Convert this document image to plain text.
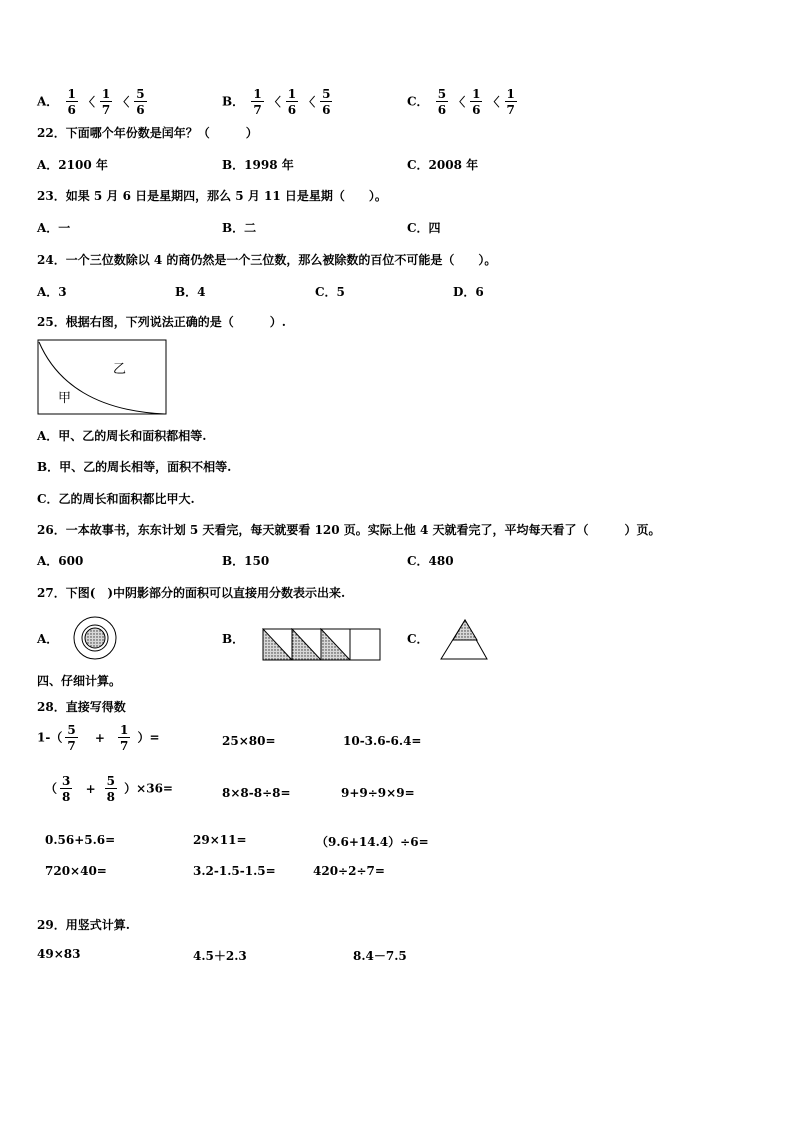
A． $\frac{1}{6}$ 〈 $\frac{1}{7}$ 〈 $\frac{5}{6}$	B． $\frac{1}{7}$ 〈 $\frac{1}{6}$ 〈 $\frac{5}{6}$	C． $\frac{5}{6}$ 〈 $\frac{1}{6}$ 〈 $\frac{1}{7}$
22．下面哪个年份数是闰年？（　　　）
A．2100 年	B．1998 年	C．2008 年
23．如果 5 月 6 日是星期四，那么 5 月 11 日是星期（　　）。
A．一	B．二	C．四
24．一个三位数除以 4 的商仍然是一个三位数，那么被除数的百位不可能是（　　）。
A．3	B．4	C．5	D．6
25．根据右图，下列说法正确的是（　　　）.
乙
甲
A．甲、乙的周长和面积都相等.
B．甲、乙的周长相等，面积不相等.
C．乙的周长和面积都比甲大.
26．一本故事书，东东计划 5 天看完，每天就要看 120 页。实际上他 4 天就看完了，平均每天看了（　　　）页。
A．600	B．150	C．480
27．下图(　)中阴影部分的面积可以直接用分数表示出来.
A．	B．	C．
四、仔细计算。
28．直接写得数
$1-( \frac{5}{7} + \frac{1}{7}$ ）=	25×80=	10-3.6-6.4=
（ $\frac{3}{8} + \frac{5}{8} )\times 36=$	8×8-8÷8=	9+9÷9×9=
0.56+5.6=	29×11=	（9.6+14.4）÷6=
720×40=	3.2-1.5-1.5=	420÷2÷7=
29．用竖式计算.
49×83	4.5＋2.3	8.4－7.5
